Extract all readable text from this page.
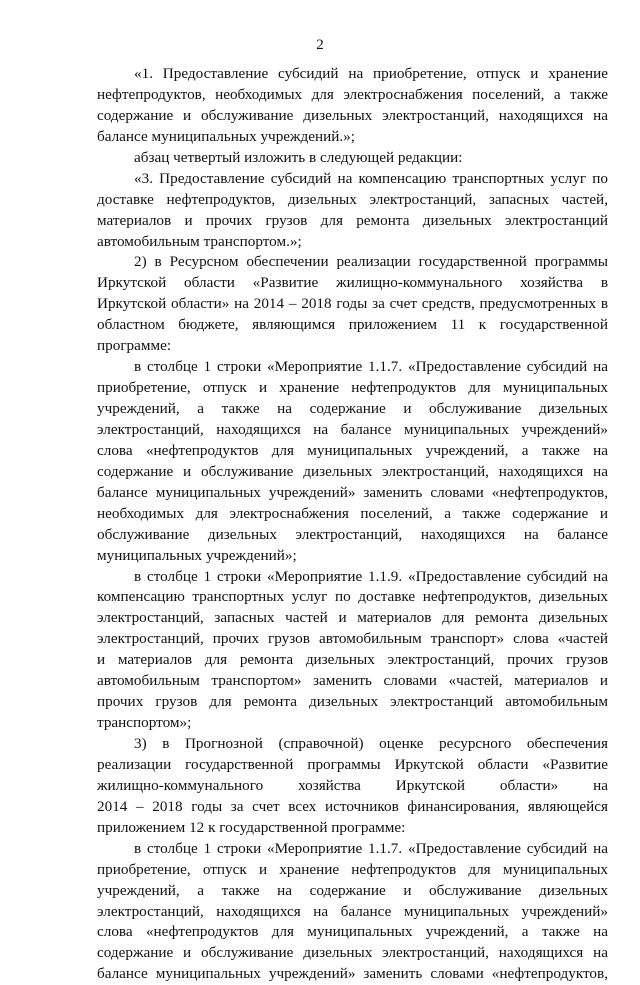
2
«1. Предоставление субсидий на приобретение, отпуск и хранение
нефтепродуктов, необходимых для электроснабжения поселений, а также
содержание и обслуживание дизельных электростанций, находящихся на
балансе муниципальных учреждений.»;
абзац четвертый изложить в следующей редакции:
«3. Предоставление субсидий на компенсацию транспортных услуг по
доставке нефтепродуктов, дизельных электростанций, запасных частей,
материалов и прочих грузов для ремонта дизельных электростанций
автомобильным транспортом.»;
2) в Ресурсном обеспечении реализации государственной программы
Иркутской области «Развитие жилищно-коммунального хозяйства в
Иркутской области» на 2014 – 2018 годы за счет средств, предусмотренных в
областном бюджете, являющимся приложением 11 к государственной
программе:
в столбце 1 строки «Мероприятие 1.1.7. «Предоставление субсидий на
приобретение, отпуск и хранение нефтепродуктов для муниципальных
учреждений, а также на содержание и обслуживание дизельных
электростанций, находящихся на балансе муниципальных учреждений»
слова «нефтепродуктов для муниципальных учреждений, а также на
содержание и обслуживание дизельных электростанций, находящихся на
балансе муниципальных учреждений» заменить словами «нефтепродуктов,
необходимых для электроснабжения поселений, а также содержание и
обслуживание дизельных электростанций, находящихся на балансе
муниципальных учреждений»;
в столбце 1 строки «Мероприятие 1.1.9. «Предоставление субсидий на
компенсацию транспортных услуг по доставке нефтепродуктов, дизельных
электростанций, запасных частей и материалов для ремонта дизельных
электростанций, прочих грузов автомобильным транспорт» слова «частей
и материалов для ремонта дизельных электростанций, прочих грузов
автомобильным транспортом» заменить словами «частей, материалов и
прочих грузов для ремонта дизельных электростанций автомобильным
транспортом»;
3) в Прогнозной (справочной) оценке ресурсного обеспечения
реализации государственной программы Иркутской области «Развитие
жилищно-коммунального хозяйства Иркутской области» на
2014 – 2018 годы за счет всех источников финансирования, являющейся
приложением 12 к государственной программе:
в столбце 1 строки «Мероприятие 1.1.7. «Предоставление субсидий на
приобретение, отпуск и хранение нефтепродуктов для муниципальных
учреждений, а также на содержание и обслуживание дизельных
электростанций, находящихся на балансе муниципальных учреждений»
слова «нефтепродуктов для муниципальных учреждений, а также на
содержание и обслуживание дизельных электростанций, находящихся на
балансе муниципальных учреждений» заменить словами «нефтепродуктов,
